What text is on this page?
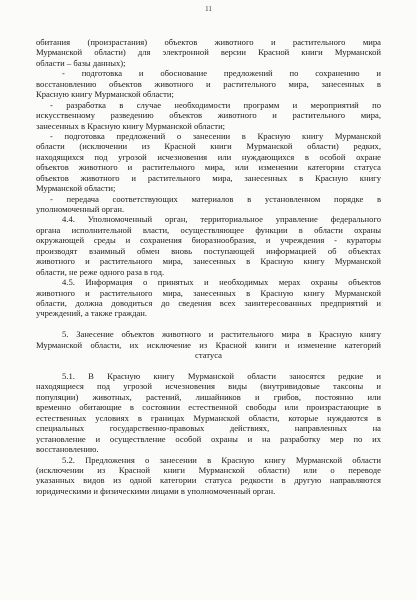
11
обитания (произрастания) объектов животного и растительного мира
Мурманской области) для электронной версии Красной книги Мурманской
области – базы данных);
- подготовка и обоснование предложений по сохранению и
восстановлению объектов животного и растительного мира, занесенных в
Красную книгу Мурманской области;
- разработка в случае необходимости программ и мероприятий по
искусственному разведению объектов животного и растительного мира,
занесенных в Красную книгу Мурманской области;
- подготовка предложений о занесении в Красную книгу Мурманской
области (исключении из Красной книги Мурманской области) редких,
находящихся под угрозой исчезновения или нуждающихся в особой охране
объектов животного и растительного мира, или изменении категории статуса
объектов животного и растительного мира, занесенных в Красную книгу
Мурманской области;
- передача соответствующих материалов в установленном порядке в
уполномоченный орган.
4.4. Уполномоченный орган, территориальное управление федерального
органа исполнительной власти, осуществляющее функции в области охраны
окружающей среды и сохранения биоразнообразия, и учреждения - кураторы
производят взаимный обмен вновь поступающей информацией об объектах
животного и растительного мира, занесенных в Красную книгу Мурманской
области, не реже одного раза в год.
4.5. Информация о принятых и необходимых мерах охраны объектов
животного и растительного мира, занесенных в Красную книгу Мурманской
области, должна доводиться до сведения всех заинтересованных предприятий и
учреждений, а также граждан.
5. Занесение объектов животного и растительного мира в Красную книгу
Мурманской области, их исключение из Красной книги и изменение категорий
статуса
5.1. В Красную книгу Мурманской области заносятся редкие и
находящиеся под угрозой исчезновения виды (внутривидовые таксоны и
популяции) животных, растений, лишайников и грибов, постоянно или
временно обитающие в состоянии естественной свободы или произрастающие в
естественных условиях в границах Мурманской области, которые нуждаются в
специальных государственно-правовых действиях, направленных на
установление и осуществление особой охраны и на разработку мер по их
восстановлению.
5.2. Предложения о занесении в Красную книгу Мурманской области
(исключении из Красной книги Мурманской области) или о переводе
указанных видов из одной категории статуса редкости в другую направляются
юридическими и физическими лицами в уполномоченный орган.
